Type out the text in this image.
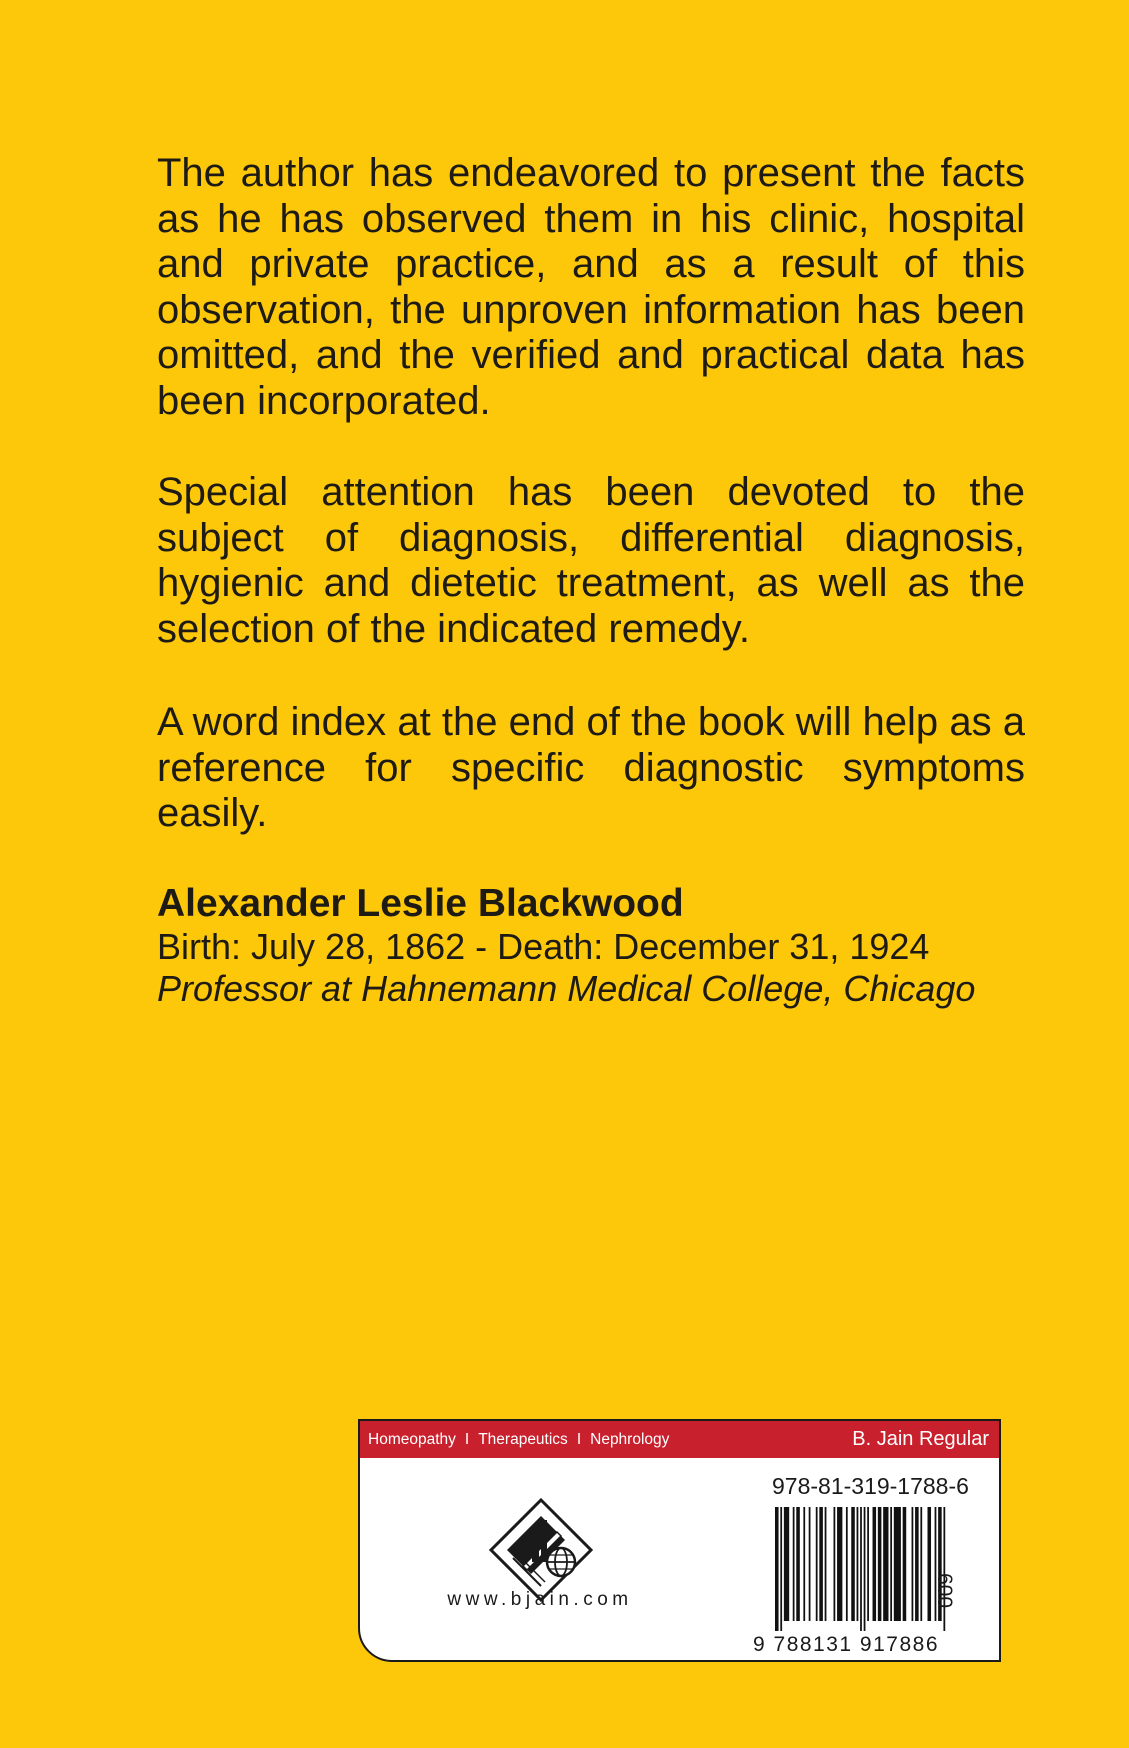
The author has endeavored to present the facts as he has observed them in his clinic, hospital and private practice, and as a result of this observation, the unproven information has been omitted, and the verified and practical data has been incorporated.

Special attention has been devoted to the subject of diagnosis, differential diagnosis, hygienic and dietetic treatment, as well as the selection of the indicated remedy.

A word index at the end of the book will help as a reference for specific diagnostic symptoms easily.

Alexander Leslie Blackwood

Birth: July 28, 1862 - Death: December 31, 1924

Professor at Hahnemann Medical College, Chicago

Homeopathy I Therapeutics I Nephrology	B. Jain Regular
www.bjain.com
978-81-319-1788-6
9 788131 917886
600
